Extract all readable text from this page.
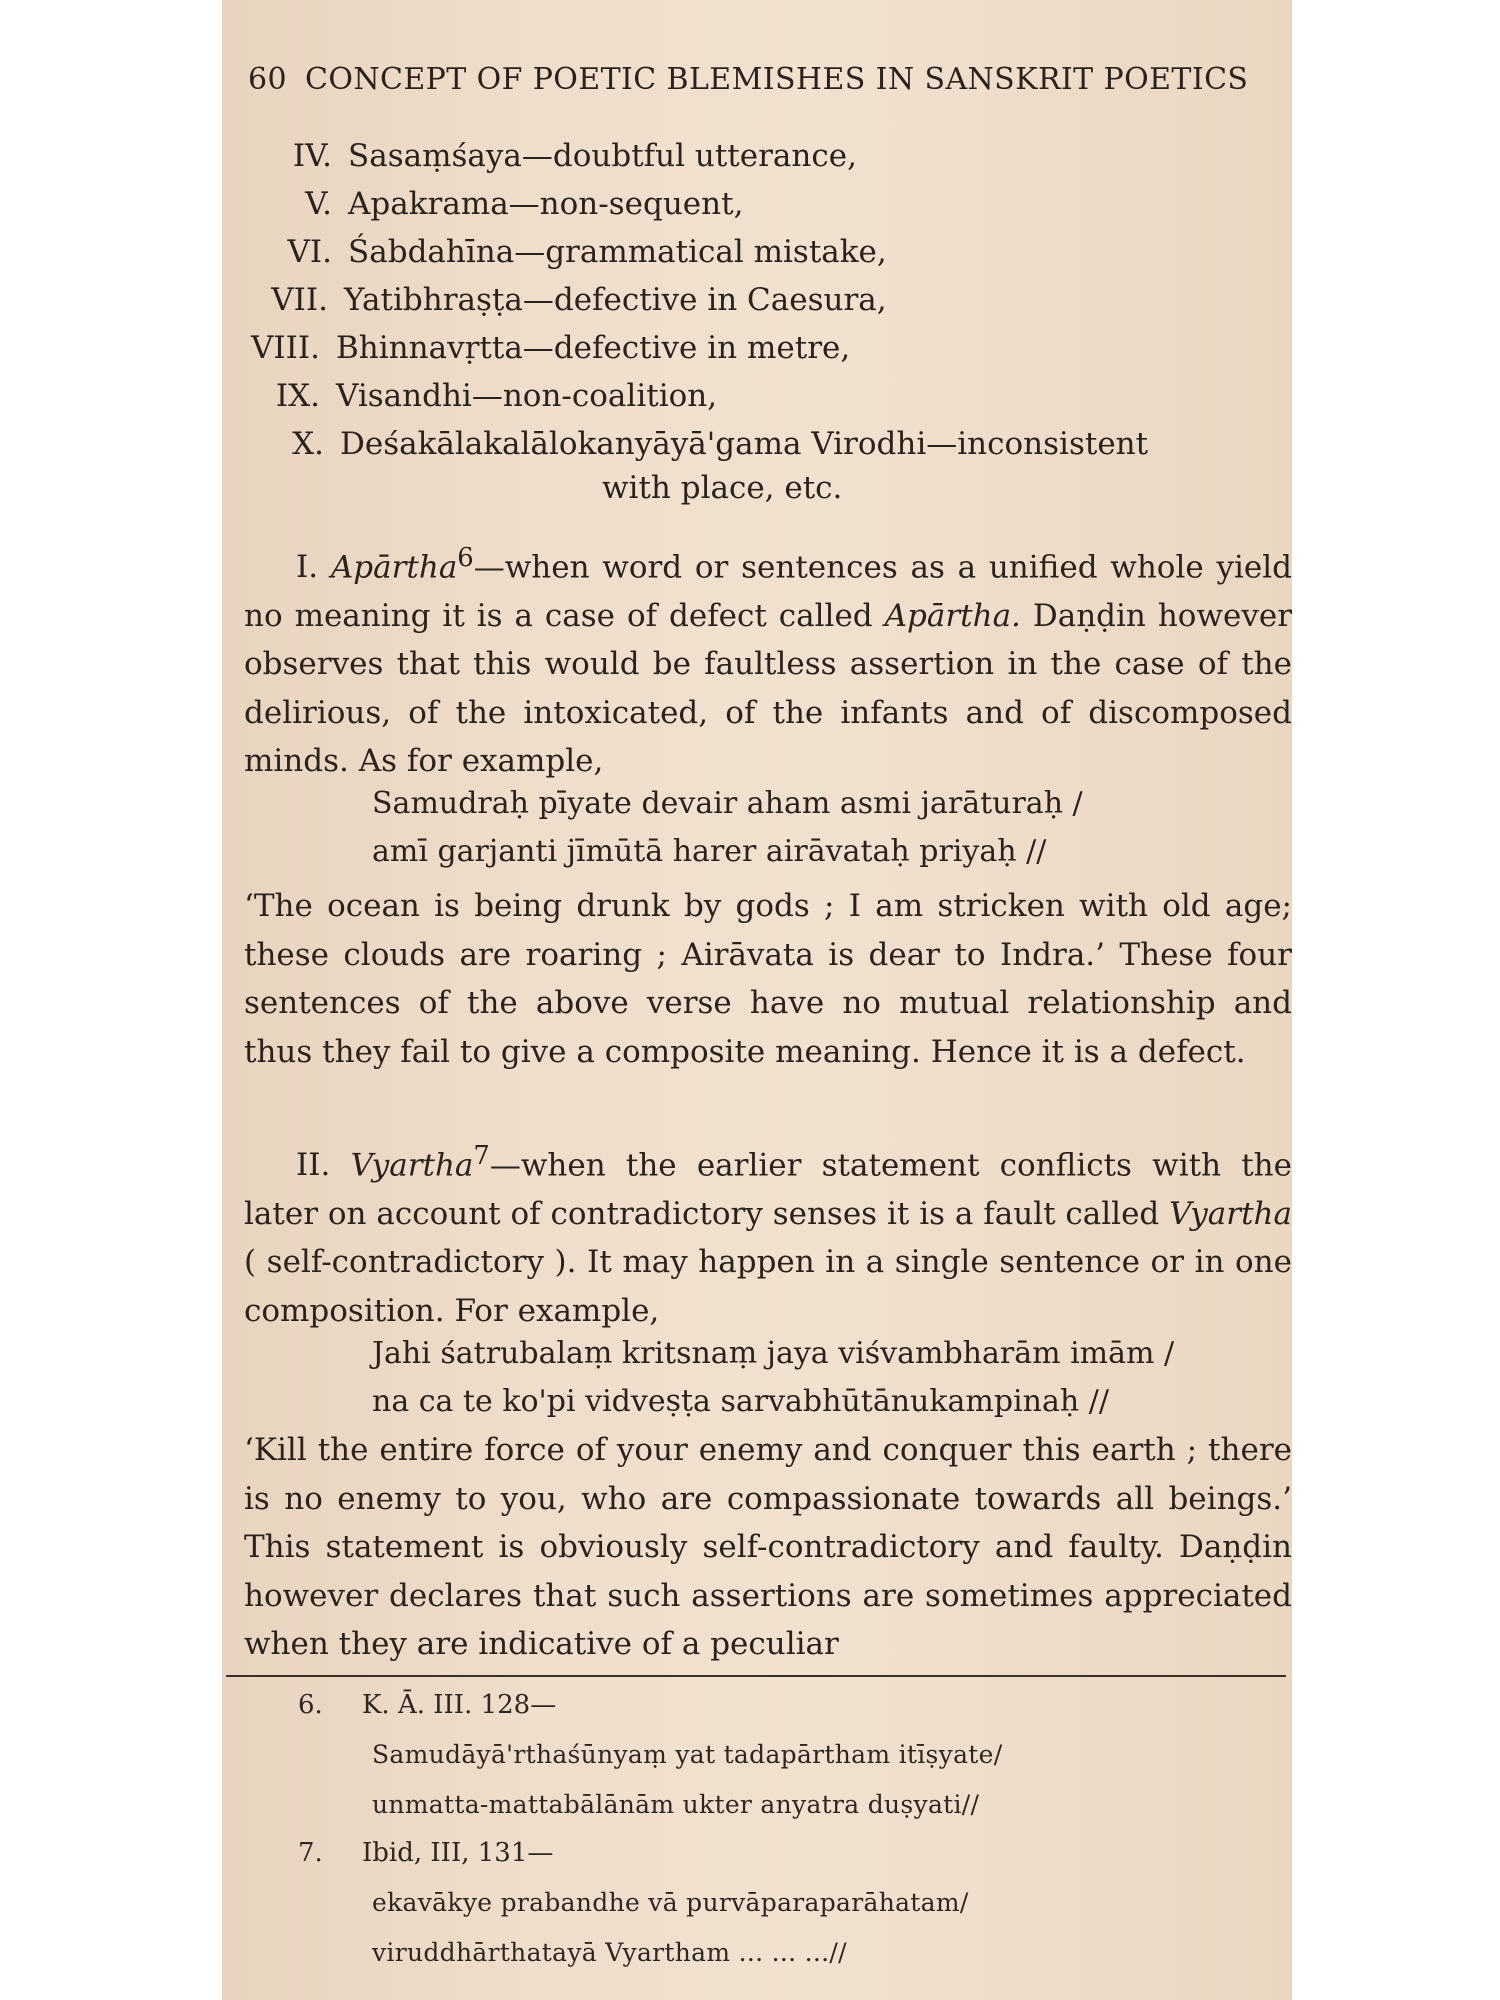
60 CONCEPT OF POETIC BLEMISHES IN SANSKRIT POETICS
IV. Sasaṃśaya—doubtful utterance,
V. Apakrama—non-sequent,
VI. Śabdahīna—grammatical mistake,
VII. Yatibhraṣṭa—defective in Caesura,
VIII. Bhinnavṛtta—defective in metre,
IX. Visandhi—non-coalition,
X. Deśakālakalālokanyāyā'gama Virodhi—inconsistent
with place, etc.
I. Apārtha$^6$—when word or sentences as a unified whole yield no meaning it is a case of defect called Apārtha. Daṇḍin however observes that this would be faultless assertion in the case of the delirious, of the intoxicated, of the infants and of discomposed minds. As for example,
Samudraḥ pīyate devair aham asmi jarāturaḥ /
amī garjanti jīmūtā harer airāvataḥ priyaḥ //
‘The ocean is being drunk by gods ; I am stricken with old age; these clouds are roaring ; Airāvata is dear to Indra.’ These four sentences of the above verse have no mutual relationship and thus they fail to give a composite meaning. Hence it is a defect.
II. Vyartha$^7$—when the earlier statement conflicts with the later on account of contradictory senses it is a fault called Vyartha ( self-contradictory ). It may happen in a single sentence or in one composition. For example,
Jahi śatrubalaṃ kritsnaṃ jaya viśvambharām imām /
na ca te ko'pi vidveṣṭa sarvabhūtānukampinaḥ //
‘Kill the entire force of your enemy and conquer this earth ; there is no enemy to you, who are compassionate towards all beings.’ This statement is obviously self-contradictory and faulty. Daṇḍin however declares that such assertions are sometimes appreciated when they are indicative of a peculiar
6. K. Ā. III. 128—
Samudāyā'rthaśūnyaṃ yat tadapārtham itīṣyate/
unmatta-mattabālānām ukter anyatra duṣyati//
7. Ibid, III, 131—
ekavākye prabandhe vā purvāparaparāhatam/
viruddhārthatayā Vyartham ... ... ...//
